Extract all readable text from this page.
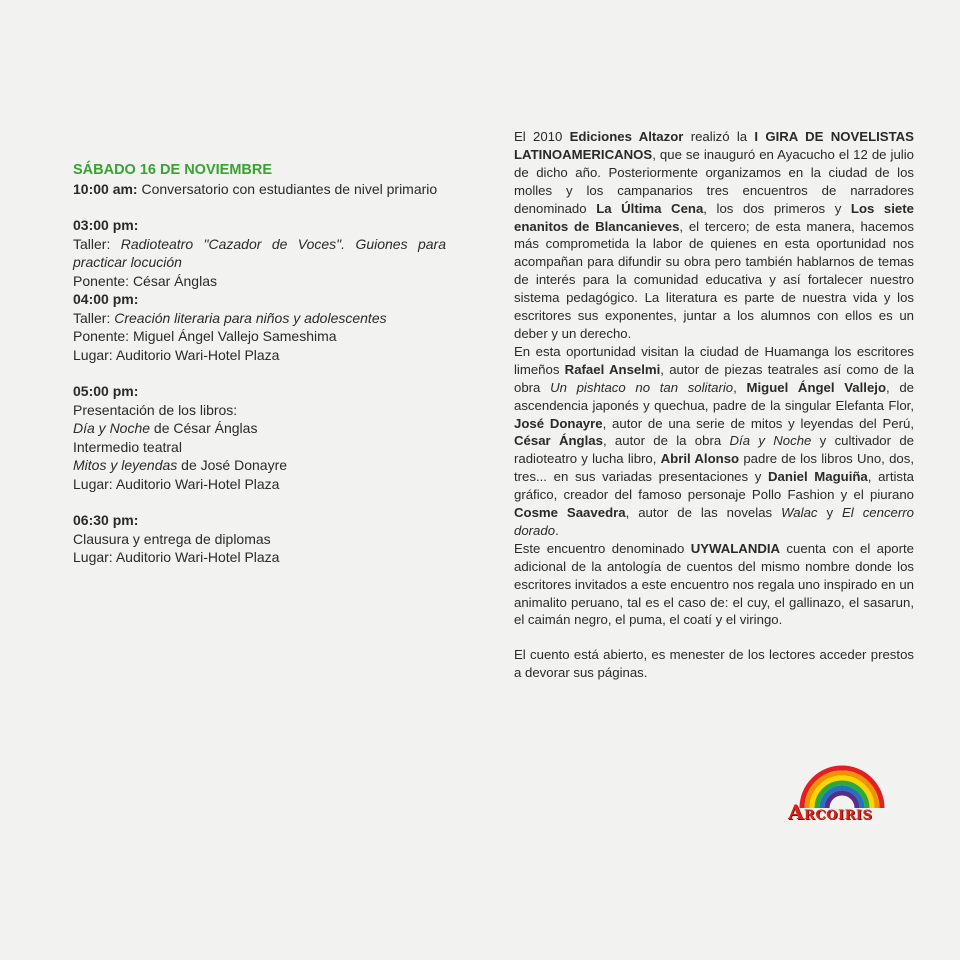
SÁBADO 16 DE NOVIEMBRE
10:00 am: Conversatorio con estudiantes de nivel primario
03:00 pm:
Taller: Radioteatro "Cazador de Voces". Guiones para practicar locución
Ponente: César Ánglas
04:00 pm:
Taller: Creación literaria para niños y adolescentes
Ponente: Miguel Ángel Vallejo Sameshima
Lugar: Auditorio Wari-Hotel Plaza
05:00 pm:
Presentación de los libros:
Día y Noche de César Ánglas
Intermedio teatral
Mitos y leyendas de José Donayre
Lugar: Auditorio Wari-Hotel Plaza
06:30 pm:
Clausura y entrega de diplomas
Lugar: Auditorio Wari-Hotel Plaza

El 2010 Ediciones Altazor realizó la I GIRA DE NOVELISTAS LATINOAMERICANOS, que se inauguró en Ayacucho el 12 de julio de dicho año. Posteriormente organizamos en la ciudad de los molles y los campanarios tres encuentros de narradores denominado La Última Cena, los dos primeros y Los siete enanitos de Blancanieves, el tercero; de esta manera, hacemos más comprometida la labor de quienes en esta oportunidad nos acompañan para difundir su obra pero también hablarnos de temas de interés para la comunidad educativa y así fortalecer nuestro sistema pedagógico. La literatura es parte de nuestra vida y los escritores sus exponentes, juntar a los alumnos con ellos es un deber y un derecho.

En esta oportunidad visitan la ciudad de Huamanga los escritores limeños Rafael Anselmi, autor de piezas teatrales así como de la obra Un pishtaco no tan solitario, Miguel Ángel Vallejo, de ascendencia japonés y quechua, padre de la singular Elefanta Flor, José Donayre, autor de una serie de mitos y leyendas del Perú, César Ánglas, autor de la obra Día y Noche y cultivador de radioteatro y lucha libro, Abril Alonso padre de los libros Uno, dos, tres... en sus variadas presentaciones y Daniel Maguiña, artista gráfico, creador del famoso personaje Pollo Fashion y el piurano Cosme Saavedra, autor de las novelas Walac y El cencerro dorado.

Este encuentro denominado UYWALANDIA cuenta con el aporte adicional de la antología de cuentos del mismo nombre donde los escritores invitados a este encuentro nos regala uno inspirado en un animalito peruano, tal es el caso de: el cuy, el gallinazo, el sasarun, el caimán negro, el puma, el coatí y el viringo.

El cuento está abierto, es menester de los lectores acceder prestos a devorar sus páginas.

ARCOIRIS
